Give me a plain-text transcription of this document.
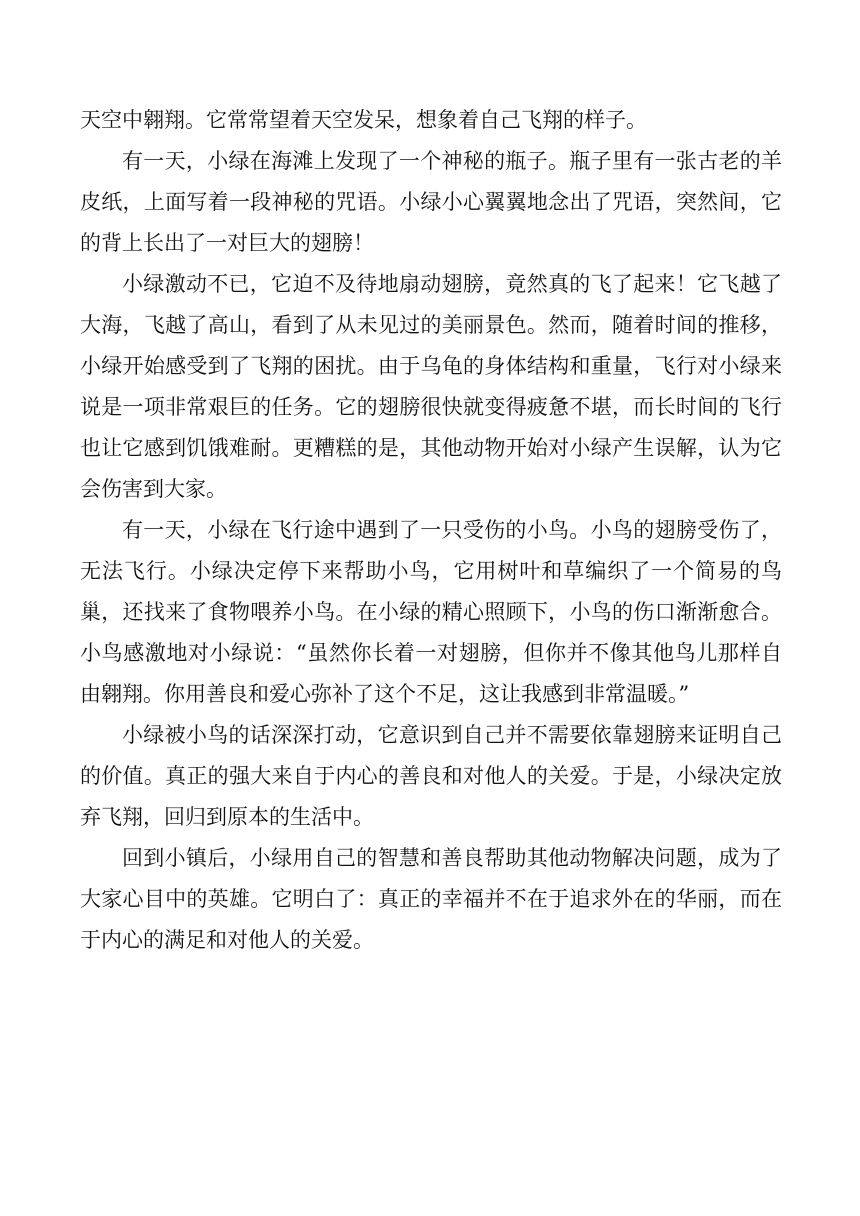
天空中翱翔。它常常望着天空发呆，想象着自己飞翔的样子。

有一天，小绿在海滩上发现了一个神秘的瓶子。瓶子里有一张古老的羊皮纸，上面写着一段神秘的咒语。小绿小心翼翼地念出了咒语，突然间，它的背上长出了一对巨大的翅膀！

小绿激动不已，它迫不及待地扇动翅膀，竟然真的飞了起来！它飞越了大海，飞越了高山，看到了从未见过的美丽景色。然而，随着时间的推移，小绿开始感受到了飞翔的困扰。由于乌龟的身体结构和重量，飞行对小绿来说是一项非常艰巨的任务。它的翅膀很快就变得疲惫不堪，而长时间的飞行也让它感到饥饿难耐。更糟糕的是，其他动物开始对小绿产生误解，认为它会伤害到大家。

有一天，小绿在飞行途中遇到了一只受伤的小鸟。小鸟的翅膀受伤了，无法飞行。小绿决定停下来帮助小鸟，它用树叶和草编织了一个简易的鸟巢，还找来了食物喂养小鸟。在小绿的精心照顾下，小鸟的伤口渐渐愈合。小鸟感激地对小绿说：“虽然你长着一对翅膀，但你并不像其他鸟儿那样自由翱翔。你用善良和爱心弥补了这个不足，这让我感到非常温暖。”

小绿被小鸟的话深深打动，它意识到自己并不需要依靠翅膀来证明自己的价值。真正的强大来自于内心的善良和对他人的关爱。于是，小绿决定放弃飞翔，回归到原本的生活中。

回到小镇后，小绿用自己的智慧和善良帮助其他动物解决问题，成为了大家心目中的英雄。它明白了：真正的幸福并不在于追求外在的华丽，而在于内心的满足和对他人的关爱。
